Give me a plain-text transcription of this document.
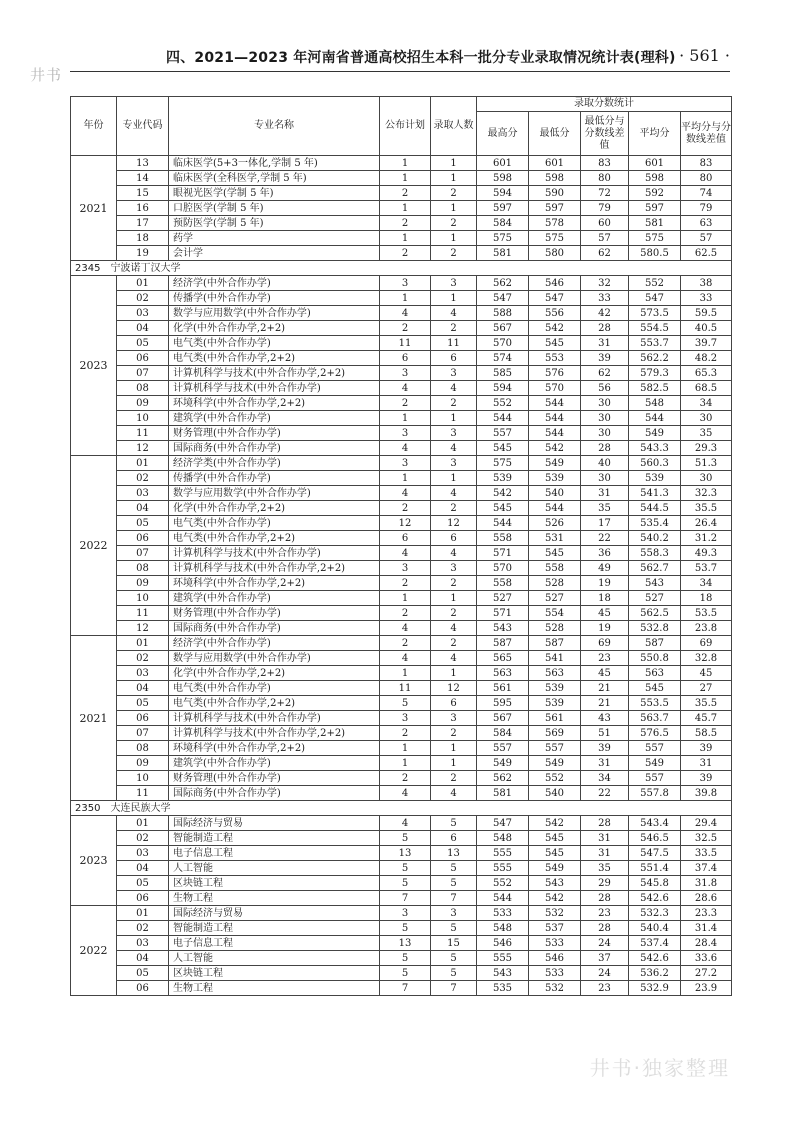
井书
四、2021—2023 年河南省普通高校招生本科一批分专业录取情况统计表(理科) · 561 ·
年份	专业代码	专业名称	公布计划	录取人数	录取分数统计				
					最高分	最低分	最低分与分数线差值	平均分	平均分与分数线差值
2021	13	临床医学(5+3一体化,学制 5 年)	1	1	601	601	83	601	83
	14	临床医学(全科医学,学制 5 年)	1	1	598	598	80	598	80
	15	眼视光医学(学制 5 年)	2	2	594	590	72	592	74
	16	口腔医学(学制 5 年)	1	1	597	597	79	597	79
	17	预防医学(学制 5 年)	2	2	584	578	60	581	63
	18	药学	1	1	575	575	57	575	57
	19	会计学	2	2	581	580	62	580.5	62.5
2345　宁波诺丁汉大学									
2023	01	经济学(中外合作办学)	3	3	562	546	32	552	38
	02	传播学(中外合作办学)	1	1	547	547	33	547	33
	03	数学与应用数学(中外合作办学)	4	4	588	556	42	573.5	59.5
	04	化学(中外合作办学,2+2)	2	2	567	542	28	554.5	40.5
	05	电气类(中外合作办学)	11	11	570	545	31	553.7	39.7
	06	电气类(中外合作办学,2+2)	6	6	574	553	39	562.2	48.2
	07	计算机科学与技术(中外合作办学,2+2)	3	3	585	576	62	579.3	65.3
	08	计算机科学与技术(中外合作办学)	4	4	594	570	56	582.5	68.5
	09	环境科学(中外合作办学,2+2)	2	2	552	544	30	548	34
	10	建筑学(中外合作办学)	1	1	544	544	30	544	30
	11	财务管理(中外合作办学)	3	3	557	544	30	549	35
	12	国际商务(中外合作办学)	4	4	545	542	28	543.3	29.3
2022	01	经济学类(中外合作办学)	3	3	575	549	40	560.3	51.3
	02	传播学(中外合作办学)	1	1	539	539	30	539	30
	03	数学与应用数学(中外合作办学)	4	4	542	540	31	541.3	32.3
	04	化学(中外合作办学,2+2)	2	2	545	544	35	544.5	35.5
	05	电气类(中外合作办学)	12	12	544	526	17	535.4	26.4
	06	电气类(中外合作办学,2+2)	6	6	558	531	22	540.2	31.2
	07	计算机科学与技术(中外合作办学)	4	4	571	545	36	558.3	49.3
	08	计算机科学与技术(中外合作办学,2+2)	3	3	570	558	49	562.7	53.7
	09	环境科学(中外合作办学,2+2)	2	2	558	528	19	543	34
	10	建筑学(中外合作办学)	1	1	527	527	18	527	18
	11	财务管理(中外合作办学)	2	2	571	554	45	562.5	53.5
	12	国际商务(中外合作办学)	4	4	543	528	19	532.8	23.8
2021	01	经济学(中外合作办学)	2	2	587	587	69	587	69
	02	数学与应用数学(中外合作办学)	4	4	565	541	23	550.8	32.8
	03	化学(中外合作办学,2+2)	1	1	563	563	45	563	45
	04	电气类(中外合作办学)	11	12	561	539	21	545	27
	05	电气类(中外合作办学,2+2)	5	6	595	539	21	553.5	35.5
	06	计算机科学与技术(中外合作办学)	3	3	567	561	43	563.7	45.7
	07	计算机科学与技术(中外合作办学,2+2)	2	2	584	569	51	576.5	58.5
	08	环境科学(中外合作办学,2+2)	1	1	557	557	39	557	39
	09	建筑学(中外合作办学)	1	1	549	549	31	549	31
	10	财务管理(中外合作办学)	2	2	562	552	34	557	39
	11	国际商务(中外合作办学)	4	4	581	540	22	557.8	39.8
2350　大连民族大学									
2023	01	国际经济与贸易	4	5	547	542	28	543.4	29.4
	02	智能制造工程	5	6	548	545	31	546.5	32.5
	03	电子信息工程	13	13	555	545	31	547.5	33.5
	04	人工智能	5	5	555	549	35	551.4	37.4
	05	区块链工程	5	5	552	543	29	545.8	31.8
	06	生物工程	7	7	544	542	28	542.6	28.6
2022	01	国际经济与贸易	3	3	533	532	23	532.3	23.3
	02	智能制造工程	5	5	548	537	28	540.4	31.4
	03	电子信息工程	13	15	546	533	24	537.4	28.4
	04	人工智能	5	5	555	546	37	542.6	33.6
	05	区块链工程	5	5	543	533	24	536.2	27.2
	06	生物工程	7	7	535	532	23	532.9	23.9
井书·独家整理
